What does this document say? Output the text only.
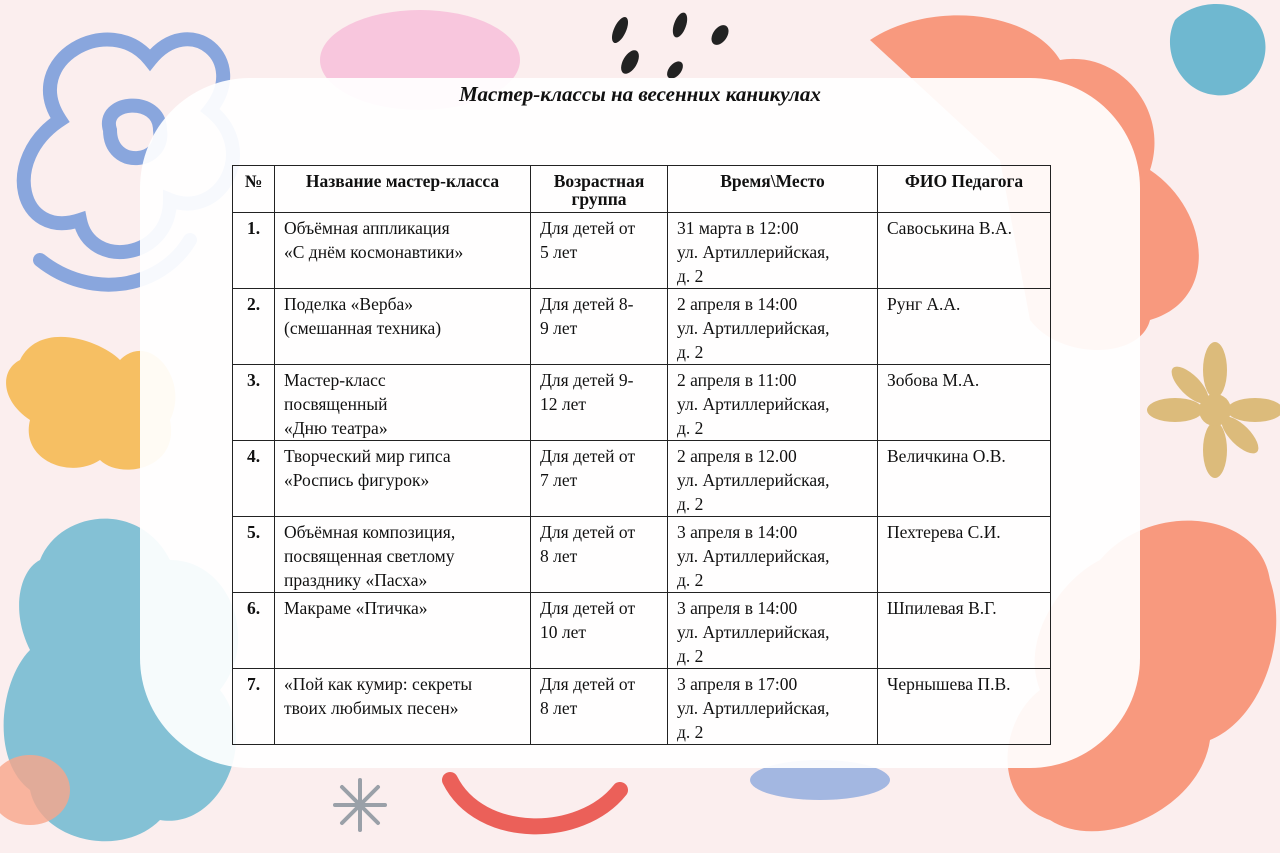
Мастер-классы на весенних каникулах
№	Название мастер-класса	Возрастная
группа	Время\Место	ФИО Педагога
1.	Объёмная аппликация
«С днём космонавтики»	Для детей от
5 лет	31 марта в 12:00
ул. Артиллерийская,
д. 2	Савоськина В.А.
2.	Поделка «Верба»
(смешанная техника)	Для детей 8-
9 лет	2 апреля в 14:00
ул. Артиллерийская,
д. 2	Рунг А.А.
3.	Мастер-класс
посвященный
«Дню театра»	Для детей 9-
12 лет	2 апреля в 11:00
ул. Артиллерийская,
д. 2	Зобова М.А.
4.	Творческий мир гипса
«Роспись фигурок»	Для детей от
7 лет	2 апреля в 12.00
ул. Артиллерийская,
д. 2	Величкина О.В.
5.	Объёмная композиция,
посвященная светлому
празднику «Пасха»	Для детей от
8 лет	3 апреля в 14:00
ул. Артиллерийская,
д. 2	Пехтерева С.И.
6.	Макраме «Птичка»	Для детей от
10 лет	3 апреля в 14:00
ул. Артиллерийская,
д. 2	Шпилевая В.Г.
7.	«Пой как кумир: секреты
твоих любимых песен»	Для детей от
8 лет	3 апреля в 17:00
ул. Артиллерийская,
д. 2	Чернышева П.В.
